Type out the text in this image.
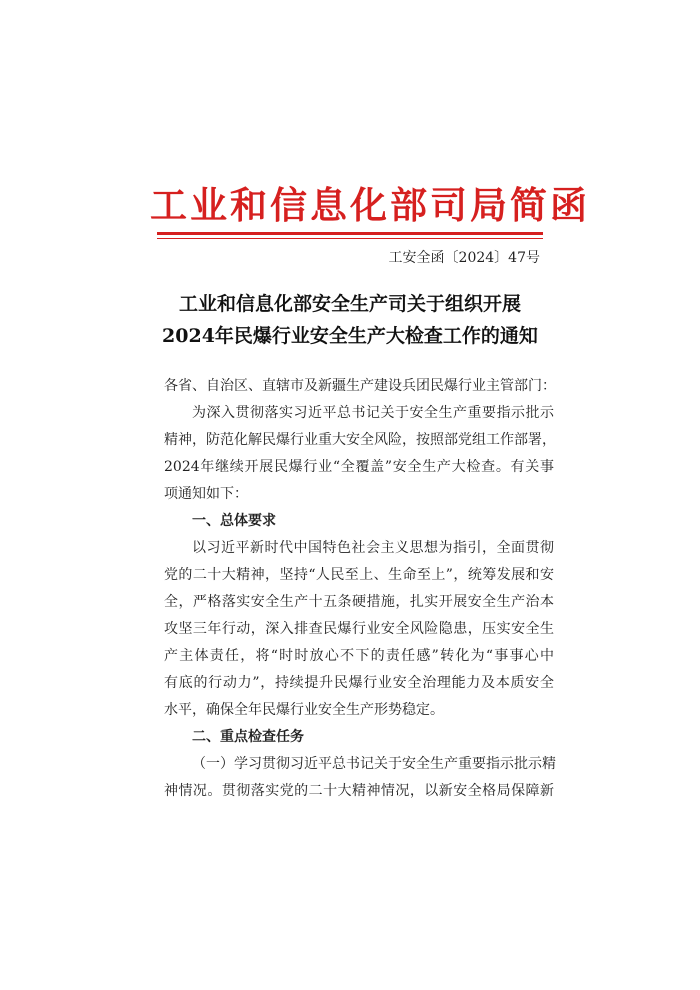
工业和信息化部司局简函
工安全函〔2024〕47号
工业和信息化部安全生产司关于组织开展
2024年民爆行业安全生产大检查工作的通知
各省、自治区、直辖市及新疆生产建设兵团民爆行业主管部门：
为深入贯彻落实习近平总书记关于安全生产重要指示批示
精神，防范化解民爆行业重大安全风险，按照部党组工作部署，
2024年继续开展民爆行业“全覆盖”安全生产大检查。有关事
项通知如下：
一、总体要求
以习近平新时代中国特色社会主义思想为指引，全面贯彻
党的二十大精神，坚持“人民至上、生命至上”，统筹发展和安
全，严格落实安全生产十五条硬措施，扎实开展安全生产治本
攻坚三年行动，深入排查民爆行业安全风险隐患，压实安全生
产主体责任，将“时时放心不下的责任感”转化为“事事心中
有底的行动力”，持续提升民爆行业安全治理能力及本质安全
水平，确保全年民爆行业安全生产形势稳定。
二、重点检查任务
（一）学习贯彻习近平总书记关于安全生产重要指示批示精
神情况。贯彻落实党的二十大精神情况，以新安全格局保障新
